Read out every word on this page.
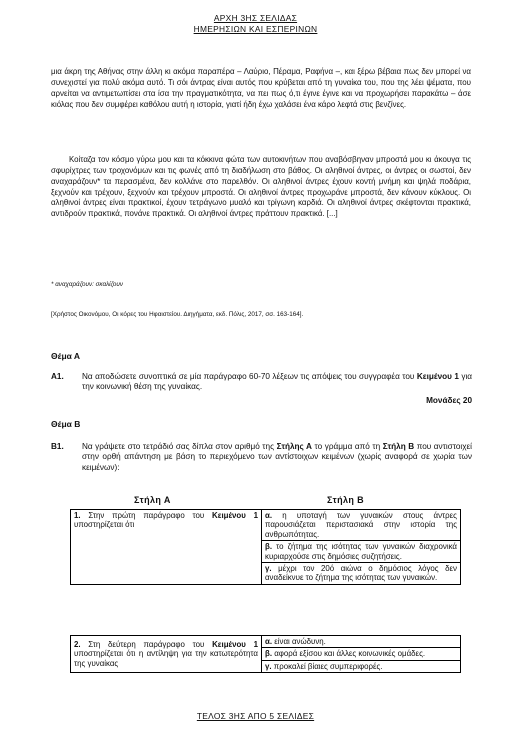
ΑΡΧΗ 3ΗΣ ΣΕΛΙΔΑΣ
ΗΜΕΡΗΣΙΩΝ ΚΑΙ ΕΣΠΕΡΙΝΩΝ

μια άκρη της Αθήνας στην άλλη κι ακόμα παραπέρα – Λαύριο, Πέραμα, Ραφήνα –, και ξέρω βέβαια πως δεν μπορεί να συνεχιστεί για πολύ ακόμα αυτό. Τι σόι άντρας είναι αυτός που κρύβεται από τη γυναίκα του, που της λέει ψέματα, που αρνείται να αντιμετωπίσει στα ίσα την πραγματικότητα, να πει πως ό,τι έγινε έγινε και να προχωρήσει παρακάτω – άσε κιόλας που δεν συμφέρει καθόλου αυτή η ιστορία, γιατί ήδη έχω χαλάσει ένα κάρο λεφτά στις βενζίνες.

Κοίταζα τον κόσμο γύρω μου και τα κόκκινα φώτα των αυτοκινήτων που αναβόσβηναν μπροστά μου κι άκουγα τις σφυρίχτρες των τροχονόμων και τις φωνές από τη διαδήλωση στο βάθος. Οι αληθινοί άντρες, οι άντρες οι σωστοί, δεν αναχαράζουν* τα περασμένα, δεν κολλάνε στο παρελθόν. Οι αληθινοί άντρες έχουν κοντή μνήμη και ψηλά ποδάρια, ξεχνούν και τρέχουν, ξεχνούν και τρέχουν μπροστά. Οι αληθινοί άντρες προχωράνε μπροστά, δεν κάνουν κύκλους. Οι αληθινοί άντρες είναι πρακτικοί, έχουν τετράγωνο μυαλό και τρίγωνη καρδιά. Οι αληθινοί άντρες σκέφτονται πρακτικά, αντιδρούν πρακτικά, πονάνε πρακτικά. Οι αληθινοί άντρες πράττουν πρακτικά. [...]

* αναχαράζουν: σκαλίζουν
[Χρήστος Οικονόμου, Οι κόρες του Ηφαιστείου. Διηγήματα, εκδ. Πόλις, 2017, σσ. 163-164].
Θέμα Α
Α1. Να αποδώσετε συνοπτικά σε μία παράγραφο 60-70 λέξεων τις απόψεις του συγγραφέα του Κειμένου 1 για την κοινωνική θέση της γυναίκας.

Μονάδες 20
Θέμα Β
Β1. Να γράψετε στο τετράδιό σας δίπλα στον αριθμό της Στήλης Α το γράμμα από τη Στήλη Β που αντιστοιχεί στην ορθή απάντηση με βάση το περιεχόμενο των αντίστοιχων κειμένων (χωρίς αναφορά σε χωρία των κειμένων):

Στήλη Α	Στήλη Β
1. Στην πρώτη παράγραφο του Κειμένου 1 υποστηρίζεται ότι	α. η υποταγή των γυναικών στους άντρες παρουσιάζεται περιστασιακά στην ιστορία της ανθρωπότητας.
β. το ζήτημα της ισότητας των γυναικών διαχρονικά κυριαρχούσε στις δημόσιες συζητήσεις.
γ. μέχρι τον 20ό αιώνα ο δημόσιος λόγος δεν αναδείκνυε το ζήτημα της ισότητας των γυναικών.
2. Στη δεύτερη παράγραφο του Κειμένου 1 υποστηρίζεται ότι η αντίληψη για την κατωτερότητα της γυναίκας	α. είναι ανώδυνη.
β. αφορά εξίσου και άλλες κοινωνικές ομάδες.
γ. προκαλεί βίαιες συμπεριφορές.
ΤΕΛΟΣ 3ΗΣ ΑΠΟ 5 ΣΕΛΙΔΕΣ
